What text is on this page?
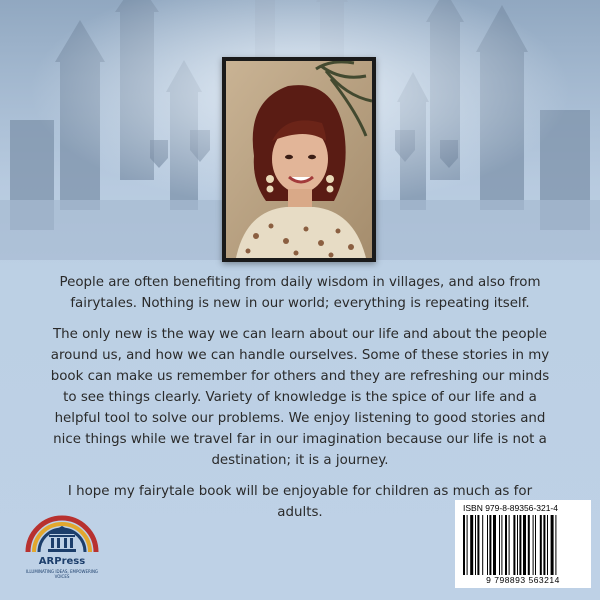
People are often benefiting from daily wisdom in villages, and also from fairytales. Nothing is new in our world; everything is repeating itself.

The only new is the way we can learn about our life and about the people around us, and how we can handle ourselves. Some of these stories in my book can make us remember for others and they are refreshing our minds to see things clearly. Variety of knowledge is the spice of our life and a helpful tool to solve our problems. We enjoy listening to good stories and nice things while we travel far in our imagination because our life is not a destination; it is a journey.

I hope my fairytale book will be enjoyable for children as much as for adults.

ARPress
ILLUMINATING IDEAS, EMPOWERING VOICES
ISBN 979-8-89356-321-4
9 798893 563214
